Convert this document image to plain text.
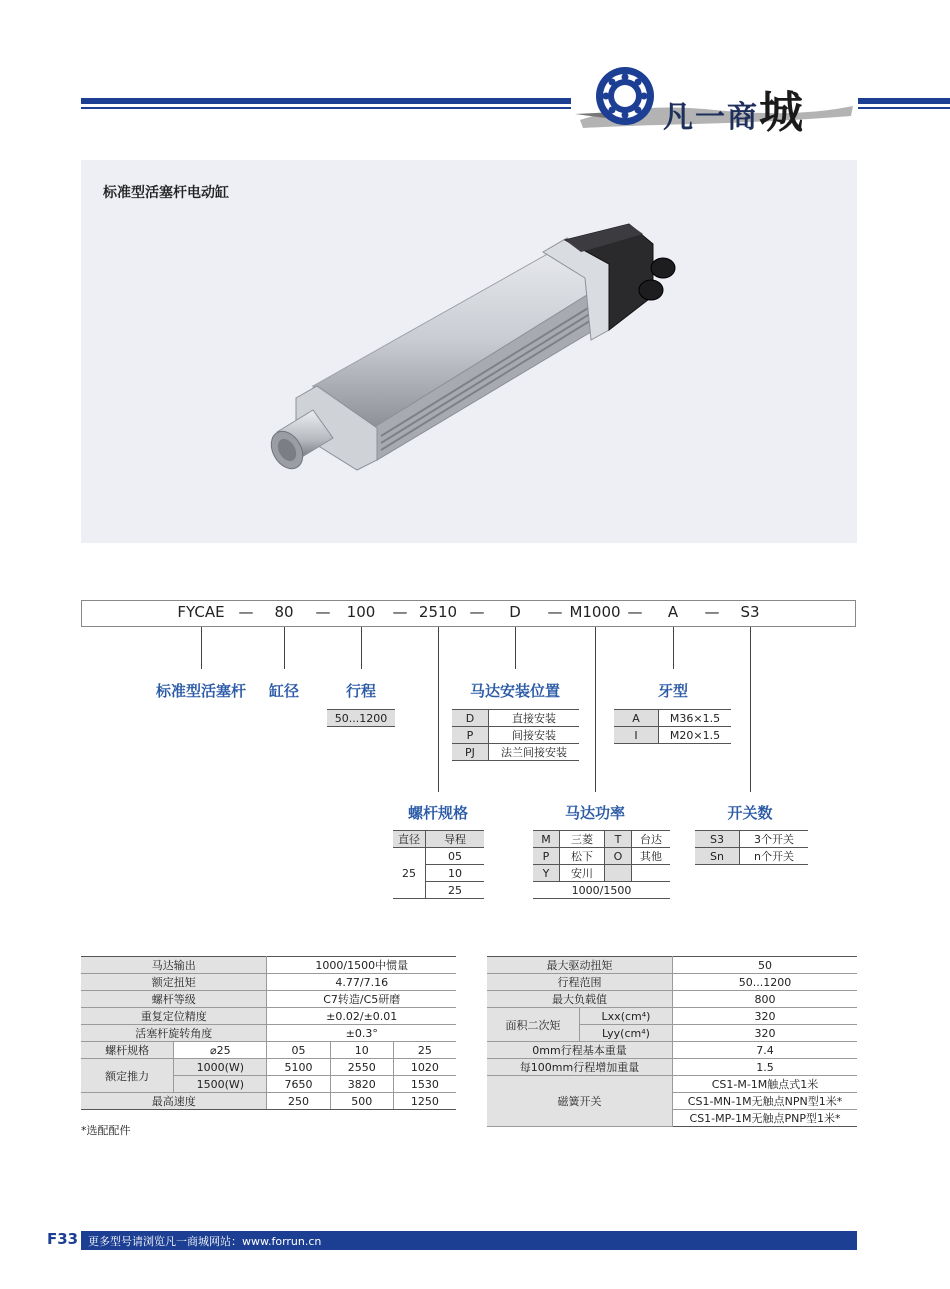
凡一商城
标准型活塞杆电动缸
FYCAE — 80 — 100 — 2510 — D — M1000 — A — S3
标准型活塞杆 缸径	行程	马达安装位置	牙型
50...1200	D	直接安装
P	间接安装
PJ	法兰间接安装
A	M36×1.5
I	M20×1.5
螺杆规格	马达功率	开关数
直径	导程
25	05
	10
	25
M	三菱	T	台达
P	松下	O	其他
Y	安川		
1000/1500			
S3	3个开关
Sn	n个开关
马达输出		1000/1500中惯量		
额定扭矩		4.77/7.16		
螺杆等级		C7转造/C5研磨		
重复定位精度		±0.02/±0.01		
活塞杆旋转角度		±0.3°		
螺杆规格	⌀25	05	10	25
额定推力	1000(W)	5100	2550	1020
	1500(W)	7650	3820	1530
最高速度		250	500	1250
最大驱动扭矩		50
行程范围		50...1200
最大负载值		800
面积二次矩	Lxx(cm⁴)	320
	Lyy(cm⁴)	320
0mm行程基本重量		7.4
每100mm行程增加重量		1.5
磁簧开关		CS1-M-1M触点式1米
		CS1-MN-1M无触点NPN型1米*
		CS1-MP-1M无触点PNP型1米*
*选配配件
F33 更多型号请浏览凡一商城网站：www.forrun.cn
